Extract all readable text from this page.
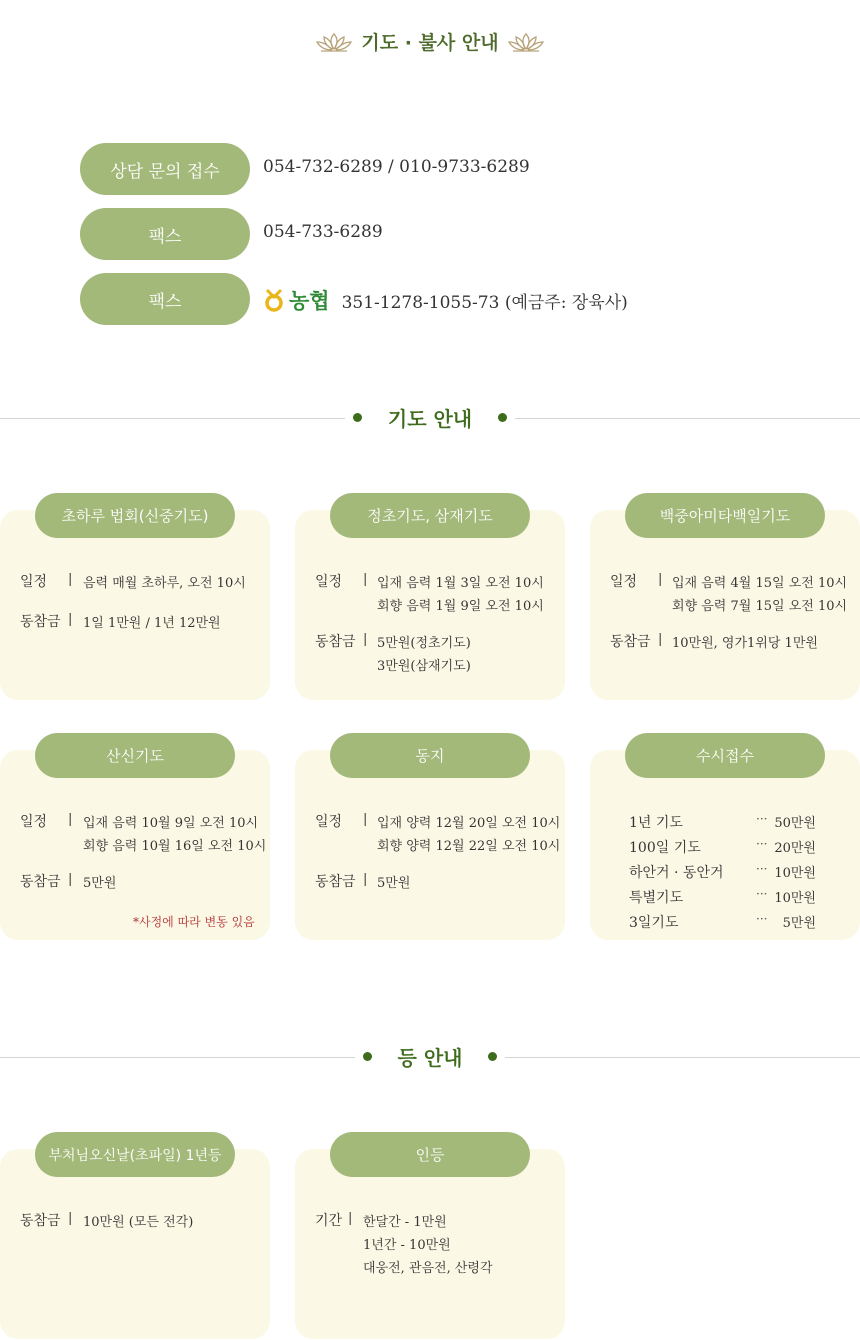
기도 · 불사 안내
상담 문의 접수	054-732-6289 / 010-9733-6289
팩스	054-733-6289
팩스	농협 351-1278-1055-73 (예금주: 장육사)
기도 안내
초하루 법회(신중기도)
일정 | 음력 매월 초하루, 오전 10시
동참금 | 1일 1만원 / 1년 12만원
정초기도, 삼재기도
일정 | 입재 음력 1월 3일 오전 10시
회향 음력 1월 9일 오전 10시
동참금 | 5만원(정초기도)
3만원(삼재기도)
백중아미타백일기도
일정 | 입재 음력 4월 15일 오전 10시
회향 음력 7월 15일 오전 10시
동참금 | 10만원, 영가1위당 1만원
산신기도
일정 | 입재 음력 10월 9일 오전 10시
회향 음력 10월 16일 오전 10시
동참금 | 5만원
*사정에 따라 변동 있음
동지
일정 | 입재 양력 12월 20일 오전 10시
회향 양력 12월 22일 오전 10시
동참금 | 5만원
수시접수
1년 기도	··· 50만원
100일 기도	··· 20만원
하안거 · 동안거	··· 10만원
특별기도	··· 10만원
3일기도	···	5만원
등 안내
부처님오신날(초파일) 1년등
동참금 | 10만원 (모든 전각)
인등
기간 | 한달간 - 1만원
1년간 - 10만원
대웅전, 관음전, 산령각
